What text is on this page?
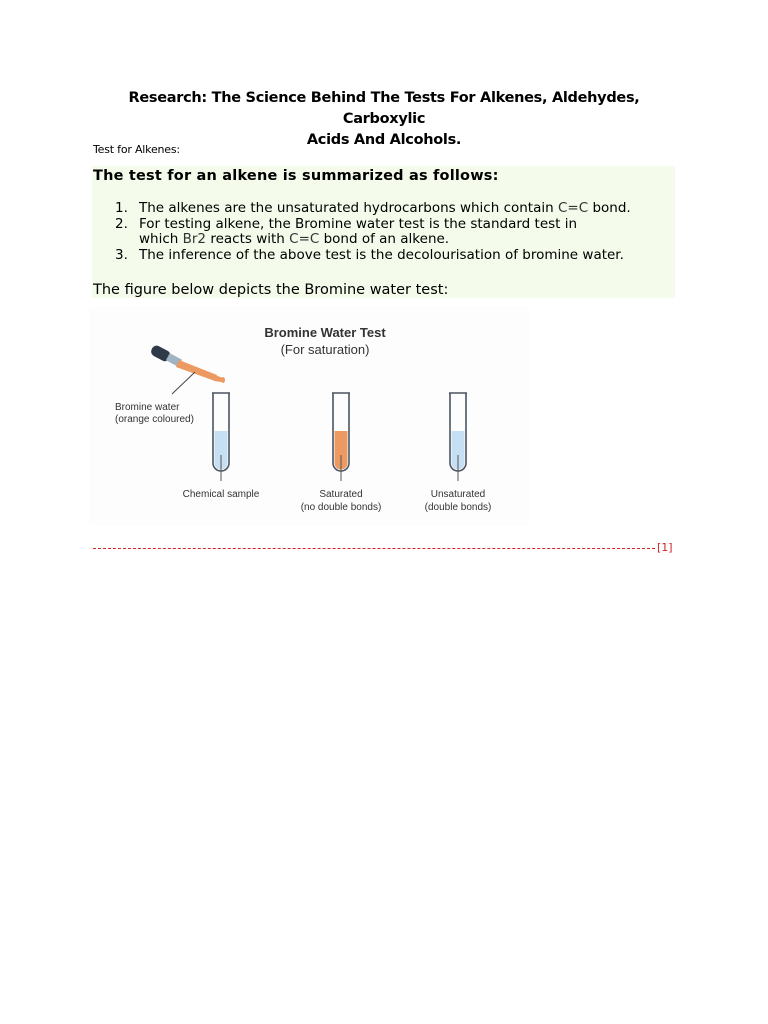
Research: The Science Behind The Tests For Alkenes, Aldehydes, Carboxylic
Acids And Alcohols.
Test for Alkenes:
The test for an alkene is summarized as follows:
1. The alkenes are the unsaturated hydrocarbons which contain C=C bond.
2. For testing alkene, the Bromine water test is the standard test in
which Br2 reacts with C=C bond of an alkene.
3. The inference of the above test is the decolourisation of bromine water.
The figure below depicts the Bromine water test:
Bromine Water Test
(For saturation)
Bromine water
(orange coloured)
Chemical sample	Saturated
(no double bonds)
Unsaturated
(double bonds)
[1]
